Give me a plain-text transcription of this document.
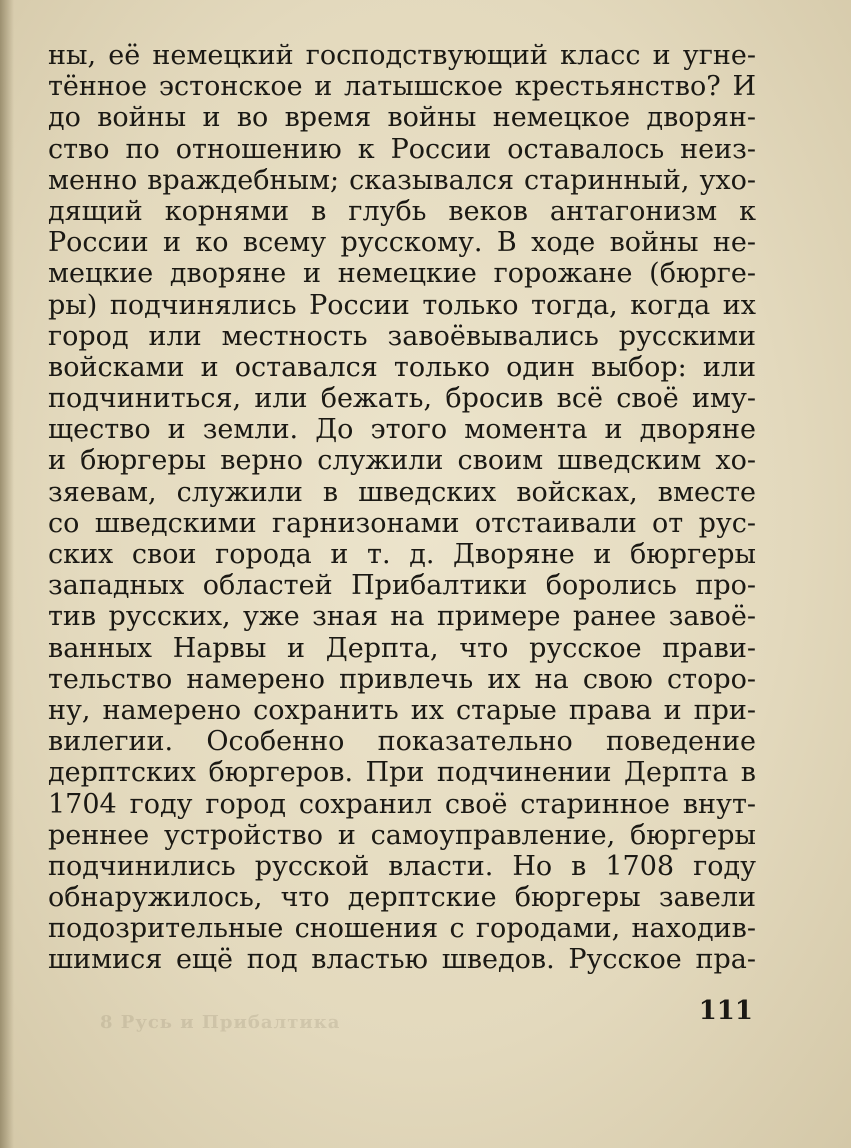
8 Русь и Прибалтика
ны, её немецкий господствующий класс и угне-
тённое эстонское и латышское крестьянство? И
до войны и во время войны немецкое дворян-
ство по отношению к России оставалось неиз-
менно враждебным; сказывался старинный, ухо-
дящий корнями в глубь веков антагонизм к
России и ко всему русскому. В ходе войны не-
мецкие дворяне и немецкие горожане (бюрге-
ры) подчинялись России только тогда, когда их
город или местность завоёвывались русскими
войсками и оставался только один выбор: или
подчиниться, или бежать, бросив всё своё иму-
щество и земли. До этого момента и дворяне
и бюргеры верно служили своим шведским хо-
зяевам, служили в шведских войсках, вместе
со шведскими гарнизонами отстаивали от рус-
ских свои города и т. д. Дворяне и бюргеры
западных областей Прибалтики боролись про-
тив русских, уже зная на примере ранее завоё-
ванных Нарвы и Дерпта, что русское прави-
тельство намерено привлечь их на свою сторо-
ну, намерено сохранить их старые права и при-
вилегии. Особенно показательно поведение
дерптских бюргеров. При подчинении Дерпта в
1704 году город сохранил своё старинное внут-
реннее устройство и самоуправление, бюргеры
подчинились русской власти. Но в 1708 году
обнаружилось, что дерптские бюргеры завели
подозрительные сношения с городами, находив-
шимися ещё под властью шведов. Русское пра-
111
